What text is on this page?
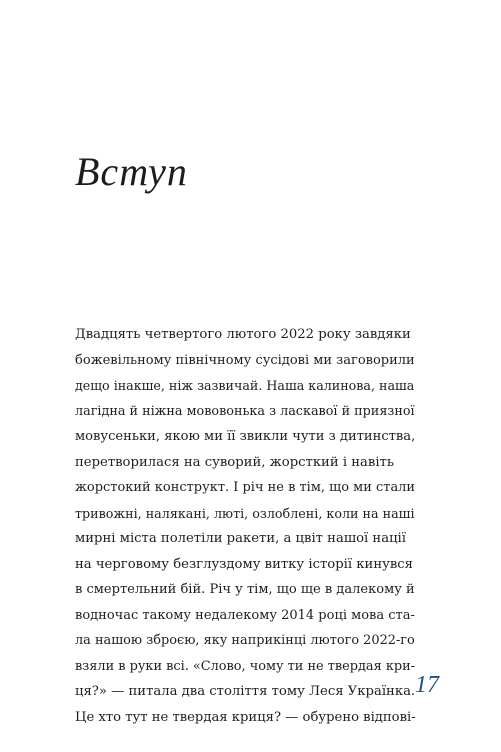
Вступ
Двадцять четвертого лютого 2022 року завдяки
божевільному північному сусідові ми заговорили
дещо інакше, ніж зазвичай. Наша калинова, наша
лагідна й ніжна мововонька з ласкавої й приязної
мовусеньки, якою ми її звикли чути з дитинства,
перетворилася на суворий, жорсткий і навіть
жорстокий конструкт. І річ не в тім, що ми стали
тривожні, налякані, люті, озлоблені, коли на наші
мирні міста полетіли ракети, а цвіт нашої нації
на черговому безглуздому витку історії кинувся
в смертельний бій. Річ у тім, що ще в далекому й
водночас такому недалекому 2014 році мова ста-
ла нашою зброєю, яку наприкінці лютого 2022-го
взяли в руки всі. «Слово, чому ти не твердая кри-
ця?» — питала два століття тому Леся Українка.
Це хто тут не твердая криця? — обурено відпові-
17
